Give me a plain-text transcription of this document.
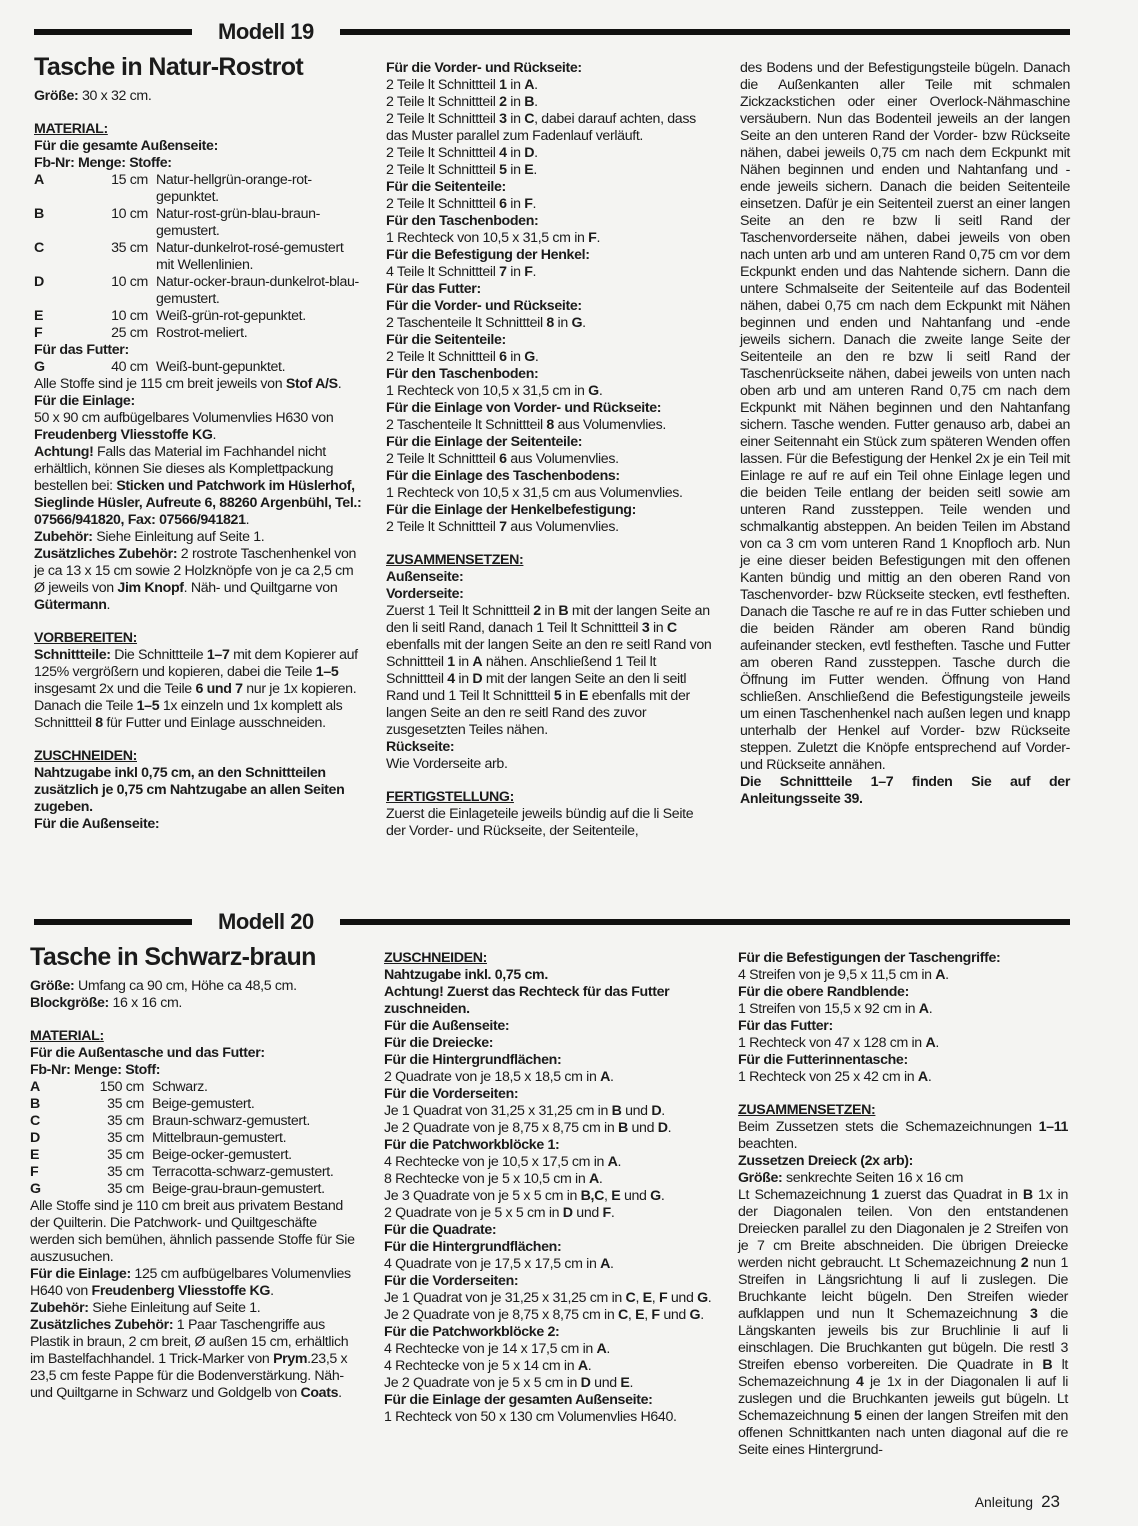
Modell 19

Tasche in Natur-Rostrot

Größe: 30 x 32 cm.

MATERIAL:

Für die gesamte Außenseite:

Fb-Nr: Menge: Stoffe:

A	15 cm	Natur-hellgrün-orange-rot-gepunktet.
B	10 cm	Natur-rost-grün-blau-braun-gemustert.
C	35 cm	Natur-dunkelrot-rosé-gemustert mit Wellenlinien.
D	10 cm	Natur-ocker-braun-dunkelrot-blau-gemustert.
E	10 cm	Weiß-grün-rot-gepunktet.
F	25 cm	Rostrot-meliert.

Für das Futter:

G	40 cm	Weiß-bunt-gepunktet.

Alle Stoffe sind je 115 cm breit jeweils von Stof A/S.

Für die Einlage:

50 x 90 cm aufbügelbares Volumenvlies H630 von Freudenberg Vliesstoffe KG.

Achtung! Falls das Material im Fachhandel nicht erhältlich, können Sie dieses als Komplettpackung bestellen bei: Sticken und Patchwork im Hüslerhof, Sieglinde Hüsler, Aufreute 6, 88260 Argenbühl, Tel.: 07566/941820, Fax: 07566/941821.

Zubehör: Siehe Einleitung auf Seite 1.

Zusätzliches Zubehör: 2 rostrote Taschenhenkel von je ca 13 x 15 cm sowie 2 Holzknöpfe von je ca 2,5 cm Ø jeweils von Jim Knopf. Näh- und Quiltgarne von Gütermann.

VORBEREITEN:

Schnittteile: Die Schnittteile 1–7 mit dem Kopierer auf 125% vergrößern und kopieren, dabei die Teile 1–5 insgesamt 2x und die Teile 6 und 7 nur je 1x kopieren. Danach die Teile 1–5 1x einzeln und 1x komplett als Schnittteil 8 für Futter und Einlage ausschneiden.

ZUSCHNEIDEN:

Nahtzugabe inkl 0,75 cm, an den Schnittteilen zusätzlich je 0,75 cm Nahtzugabe an allen Seiten zugeben.

Für die Außenseite:

Für die Vorder- und Rückseite:

2 Teile lt Schnittteil 1 in A.

2 Teile lt Schnittteil 2 in B.

2 Teile lt Schnittteil 3 in C, dabei darauf achten, dass das Muster parallel zum Fadenlauf verläuft.

2 Teile lt Schnittteil 4 in D.

2 Teile lt Schnittteil 5 in E.

Für die Seitenteile:

2 Teile lt Schnittteil 6 in F.

Für den Taschenboden:

1 Rechteck von 10,5 x 31,5 cm in F.

Für die Befestigung der Henkel:

4 Teile lt Schnittteil 7 in F.

Für das Futter:

Für die Vorder- und Rückseite:

2 Taschenteile lt Schnittteil 8 in G.

Für die Seitenteile:

2 Teile lt Schnittteil 6 in G.

Für den Taschenboden:

1 Rechteck von 10,5 x 31,5 cm in G.

Für die Einlage von Vorder- und Rückseite:

2 Taschenteile lt Schnittteil 8 aus Volumenvlies.

Für die Einlage der Seitenteile:

2 Teile lt Schnittteil 6 aus Volumenvlies.

Für die Einlage des Taschenbodens:

1 Rechteck von 10,5 x 31,5 cm aus Volumenvlies.

Für die Einlage der Henkelbefestigung:

2 Teile lt Schnittteil 7 aus Volumenvlies.

ZUSAMMENSETZEN:

Außenseite:

Vorderseite:

Zuerst 1 Teil lt Schnittteil 2 in B mit der langen Seite an den li seitl Rand, danach 1 Teil lt Schnittteil 3 in C ebenfalls mit der langen Seite an den re seitl Rand von Schnittteil 1 in A nähen. Anschließend 1 Teil lt Schnittteil 4 in D mit der langen Seite an den li seitl Rand und 1 Teil lt Schnittteil 5 in E ebenfalls mit der langen Seite an den re seitl Rand des zuvor zusgesetzten Teiles nähen.

Rückseite:

Wie Vorderseite arb.

FERTIGSTELLUNG:

Zuerst die Einlageteile jeweils bündig auf die li Seite der Vorder- und Rückseite, der Seitenteile,

des Bodens und der Befestigungsteile bügeln. Danach die Außenkanten aller Teile mit schmalen Zickzackstichen oder einer Overlock-Nähmaschine versäubern. Nun das Bodenteil jeweils an der langen Seite an den unteren Rand der Vorder- bzw Rückseite nähen, dabei jeweils 0,75 cm nach dem Eckpunkt mit Nähen beginnen und enden und Nahtanfang und -ende jeweils sichern. Danach die beiden Seitenteile einsetzen. Dafür je ein Seitenteil zuerst an einer langen Seite an den re bzw li seitl Rand der Taschenvorderseite nähen, dabei jeweils von oben nach unten arb und am unteren Rand 0,75 cm vor dem Eckpunkt enden und das Nahtende sichern. Dann die untere Schmalseite der Seitenteile auf das Bodenteil nähen, dabei 0,75 cm nach dem Eckpunkt mit Nähen beginnen und enden und Nahtanfang und -ende jeweils sichern. Danach die zweite lange Seite der Seitenteile an den re bzw li seitl Rand der Taschenrückseite nähen, dabei jeweils von unten nach oben arb und am unteren Rand 0,75 cm nach dem Eckpunkt mit Nähen beginnen und den Nahtanfang sichern. Tasche wenden. Futter genauso arb, dabei an einer Seitennaht ein Stück zum späteren Wenden offen lassen. Für die Befestigung der Henkel 2x je ein Teil mit Einlage re auf re auf ein Teil ohne Einlage legen und die beiden Teile entlang der beiden seitl sowie am unteren Rand zussteppen. Teile wenden und schmalkantig absteppen. An beiden Teilen im Abstand von ca 3 cm vom unteren Rand 1 Knopfloch arb. Nun je eine dieser beiden Befestigungen mit den offenen Kanten bündig und mittig an den oberen Rand von Taschenvorder- bzw Rückseite stecken, evtl festheften. Danach die Tasche re auf re in das Futter schieben und die beiden Ränder am oberen Rand bündig aufeinander stecken, evtl festheften. Tasche und Futter am oberen Rand zussteppen. Tasche durch die Öffnung im Futter wenden. Öffnung von Hand schließen. Anschließend die Befestigungsteile jeweils um einen Taschenhenkel nach außen legen und knapp unterhalb der Henkel auf Vorder- bzw Rückseite steppen. Zuletzt die Knöpfe entsprechend auf Vorder- und Rückseite annähen.

Die Schnittteile 1–7 finden Sie auf der Anleitungsseite 39.

Modell 20

Tasche in Schwarz-braun

Größe: Umfang ca 90 cm, Höhe ca 48,5 cm.

Blockgröße: 16 x 16 cm.

MATERIAL:

Für die Außentasche und das Futter:

Fb-Nr: Menge: Stoff:

A	150 cm	Schwarz.
B	35 cm	Beige-gemustert.
C	35 cm	Braun-schwarz-gemustert.
D	35 cm	Mittelbraun-gemustert.
E	35 cm	Beige-ocker-gemustert.
F	35 cm	Terracotta-schwarz-gemustert.
G	35 cm	Beige-grau-braun-gemustert.

Alle Stoffe sind je 110 cm breit aus privatem Bestand der Quilterin. Die Patchwork- und Quiltgeschäfte werden sich bemühen, ähnlich passende Stoffe für Sie auszusuchen.

Für die Einlage: 125 cm aufbügelbares Volumenvlies H640 von Freudenberg Vliesstoffe KG.

Zubehör: Siehe Einleitung auf Seite 1.

Zusätzliches Zubehör: 1 Paar Taschengriffe aus Plastik in braun, 2 cm breit, Ø außen 15 cm, erhältlich im Bastelfachhandel. 1 Trick-Marker von Prym.23,5 x 23,5 cm feste Pappe für die Bodenverstärkung. Näh- und Quiltgarne in Schwarz und Goldgelb von Coats.

ZUSCHNEIDEN:

Nahtzugabe inkl. 0,75 cm.

Achtung! Zuerst das Rechteck für das Futter zuschneiden.

Für die Außenseite:

Für die Dreiecke:

Für die Hintergrundflächen:

2 Quadrate von je 18,5 x 18,5 cm in A.

Für die Vorderseiten:

Je 1 Quadrat von 31,25 x 31,25 cm in B und D.

Je 2 Quadrate von je 8,75 x 8,75 cm in B und D.

Für die Patchworkblöcke 1:

4 Rechtecke von je 10,5 x 17,5 cm in A.

8 Rechtecke von je 5 x 10,5 cm in A.

Je 3 Quadrate von je 5 x 5 cm in B,C, E und G.

2 Quadrate von je 5 x 5 cm in D und F.

Für die Quadrate:

Für die Hintergrundflächen:

4 Quadrate von je 17,5 x 17,5 cm in A.

Für die Vorderseiten:

Je 1 Quadrat von je 31,25 x 31,25 cm in C, E, F und G.

Je 2 Quadrate von je 8,75 x 8,75 cm in C, E, F und G.

Für die Patchworkblöcke 2:

4 Rechtecke von je 14 x 17,5 cm in A.

4 Rechtecke von je 5 x 14 cm in A.

Je 2 Quadrate von je 5 x 5 cm in D und E.

Für die Einlage der gesamten Außenseite:

1 Rechteck von 50 x 130 cm Volumenvlies H640.

Für die Befestigungen der Taschengriffe:

4 Streifen von je 9,5 x 11,5 cm in A.

Für die obere Randblende:

1 Streifen von 15,5 x 92 cm in A.

Für das Futter:

1 Rechteck von 47 x 128 cm in A.

Für die Futterinnentasche:

1 Rechteck von 25 x 42 cm in A.

ZUSAMMENSETZEN:

Beim Zussetzen stets die Schemazeichnungen 1–11 beachten.

Zussetzen Dreieck (2x arb):

Größe: senkrechte Seiten 16 x 16 cm

Lt Schemazeichnung 1 zuerst das Quadrat in B 1x in der Diagonalen teilen. Von den entstandenen Dreiecken parallel zu den Diagonalen je 2 Streifen von je 7 cm Breite abschneiden. Die übrigen Dreiecke werden nicht gebraucht. Lt Schemazeichnung 2 nun 1 Streifen in Längsrichtung li auf li zuslegen. Die Bruchkante leicht bügeln. Den Streifen wieder aufklappen und nun lt Schemazeichnung 3 die Längskanten jeweils bis zur Bruchlinie li auf li einschlagen. Die Bruchkanten gut bügeln. Die restl 3 Streifen ebenso vorbereiten. Die Quadrate in B lt Schemazeichnung 4 je 1x in der Diagonalen li auf li zuslegen und die Bruchkanten jeweils gut bügeln. Lt Schemazeichnung 5 einen der langen Streifen mit den offenen Schnittkanten nach unten diagonal auf die re Seite eines Hintergrund-

Anleitung 23
